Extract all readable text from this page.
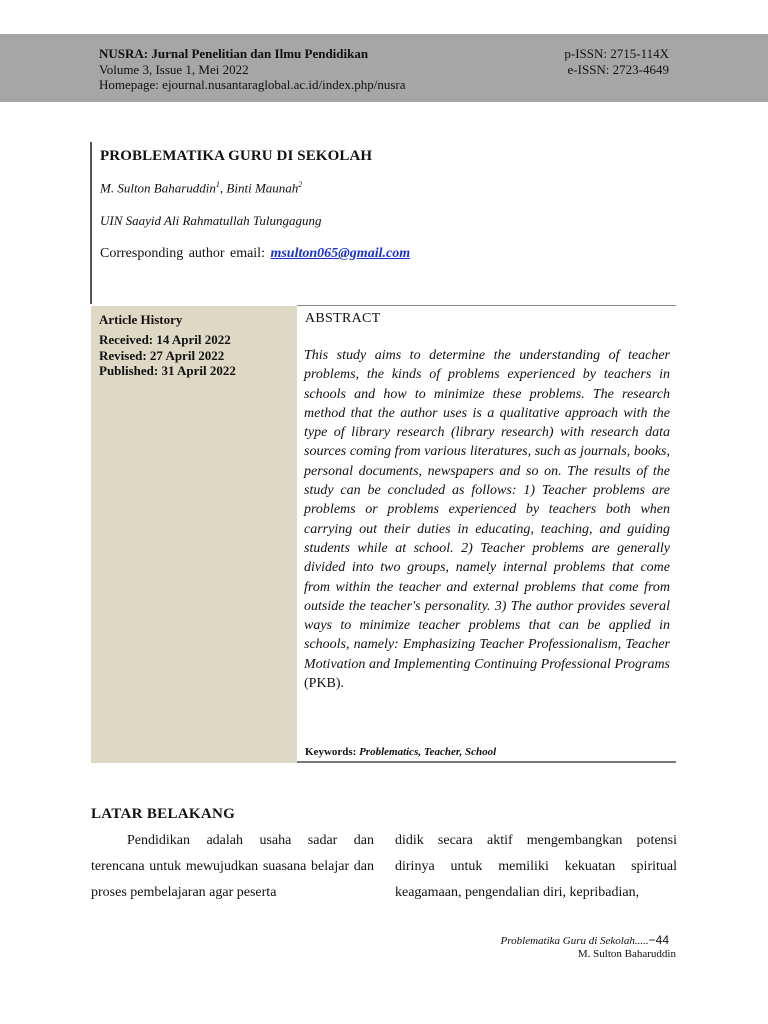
NUSRA: Jurnal Penelitian dan Ilmu Pendidikan
Volume 3, Issue 1, Mei 2022
Homepage: ejournal.nusantaraglobal.ac.id/index.php/nusra
p-ISSN: 2715-114X
e-ISSN: 2723-4649
PROBLEMATIKA GURU DI SEKOLAH
M. Sulton Baharuddin$^1$, Binti Maunah$^2$
UIN Saayid Ali Rahmatullah Tulungagung
Corresponding author email: msulton065@gmail.com
Article History
Received: 14 April 2022
Revised: 27 April 2022
Published: 31 April 2022
ABSTRACT
This study aims to determine the understanding of teacher problems, the kinds of problems experienced by teachers in schools and how to minimize these problems. The research method that the author uses is a qualitative approach with the type of library research (library research) with research data sources coming from various literatures, such as journals, books, personal documents, newspapers and so on. The results of the study can be concluded as follows: 1) Teacher problems are problems or problems experienced by teachers both when carrying out their duties in educating, teaching, and guiding students while at school. 2) Teacher problems are generally divided into two groups, namely internal problems that come from within the teacher and external problems that come from outside the teacher's personality. 3) The author provides several ways to minimize teacher problems that can be applied in schools, namely: Emphasizing Teacher Professionalism, Teacher Motivation and Implementing Continuing Professional Programs (PKB).
Keywords: Problematics, Teacher, School
LATAR BELAKANG
Pendidikan adalah usaha sadar dan terencana untuk mewujudkan suasana belajar dan proses pembelajaran agar peserta
didik secara aktif mengembangkan potensi dirinya untuk memiliki kekuatan spiritual keagamaan, pengendalian diri, kepribadian,
Problematika Guru di Sekolah.....−44
M. Sulton Baharuddin
